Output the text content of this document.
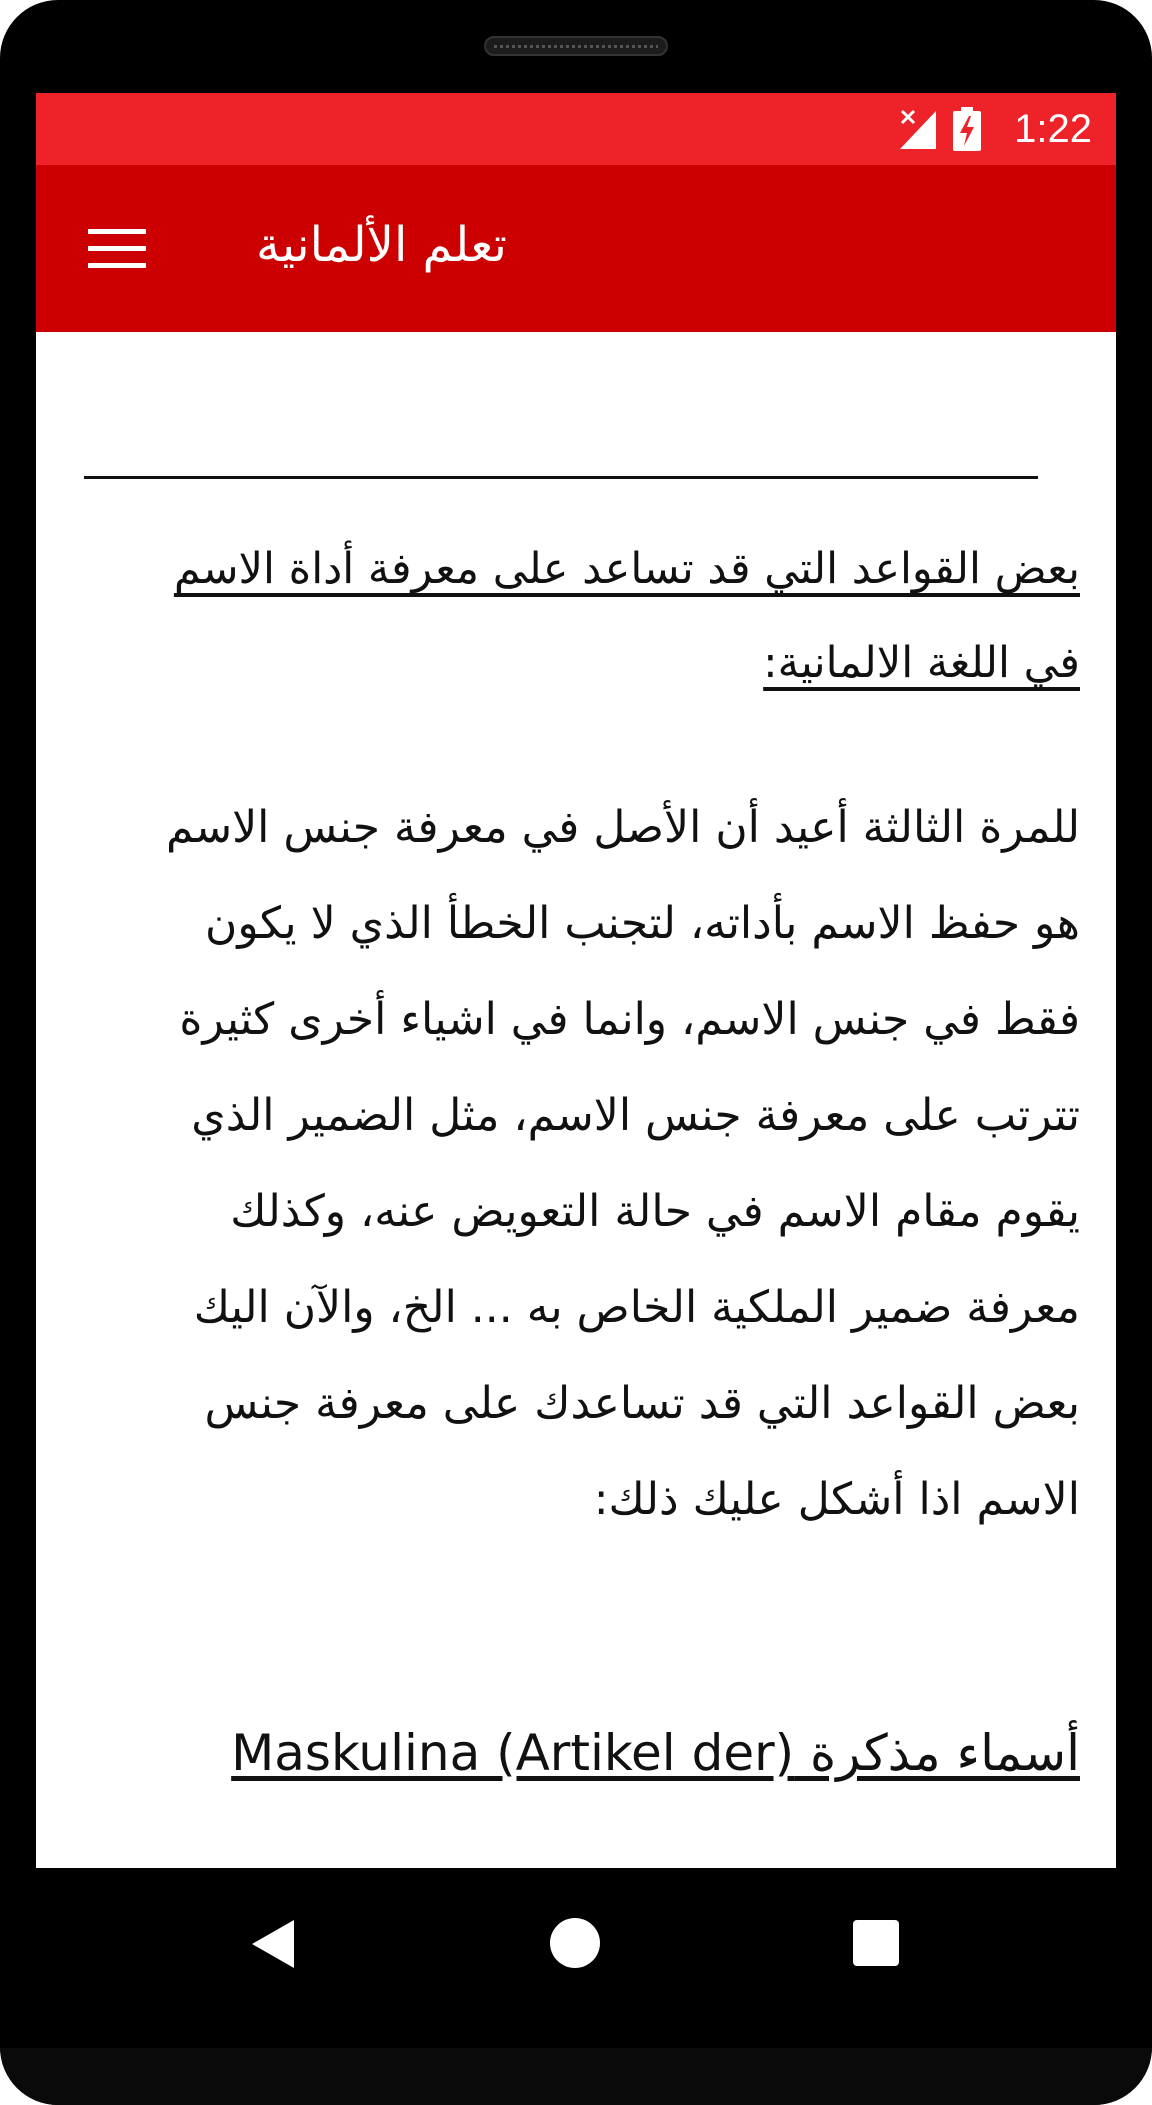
1:22
تعلم الألمانية
بعض القواعد التي قد تساعد على معرفة أداة الاسم في اللغة الالمانية:
للمرة الثالثة أعيد أن الأصل في معرفة جنس الاسم هو حفظ الاسم بأداته، لتجنب الخطأ الذي لا يكون فقط في جنس الاسم، وانما في اشياء أخرى كثيرة تترتب على معرفة جنس الاسم، مثل الضمير الذي يقوم مقام الاسم في حالة التعويض عنه، وكذلك معرفة ضمير الملكية الخاص به ... الخ، والآن اليك بعض القواعد التي قد تساعدك على معرفة جنس الاسم اذا أشكل عليك ذلك:
أسماء مذكرة Maskulina (Artikel der)
